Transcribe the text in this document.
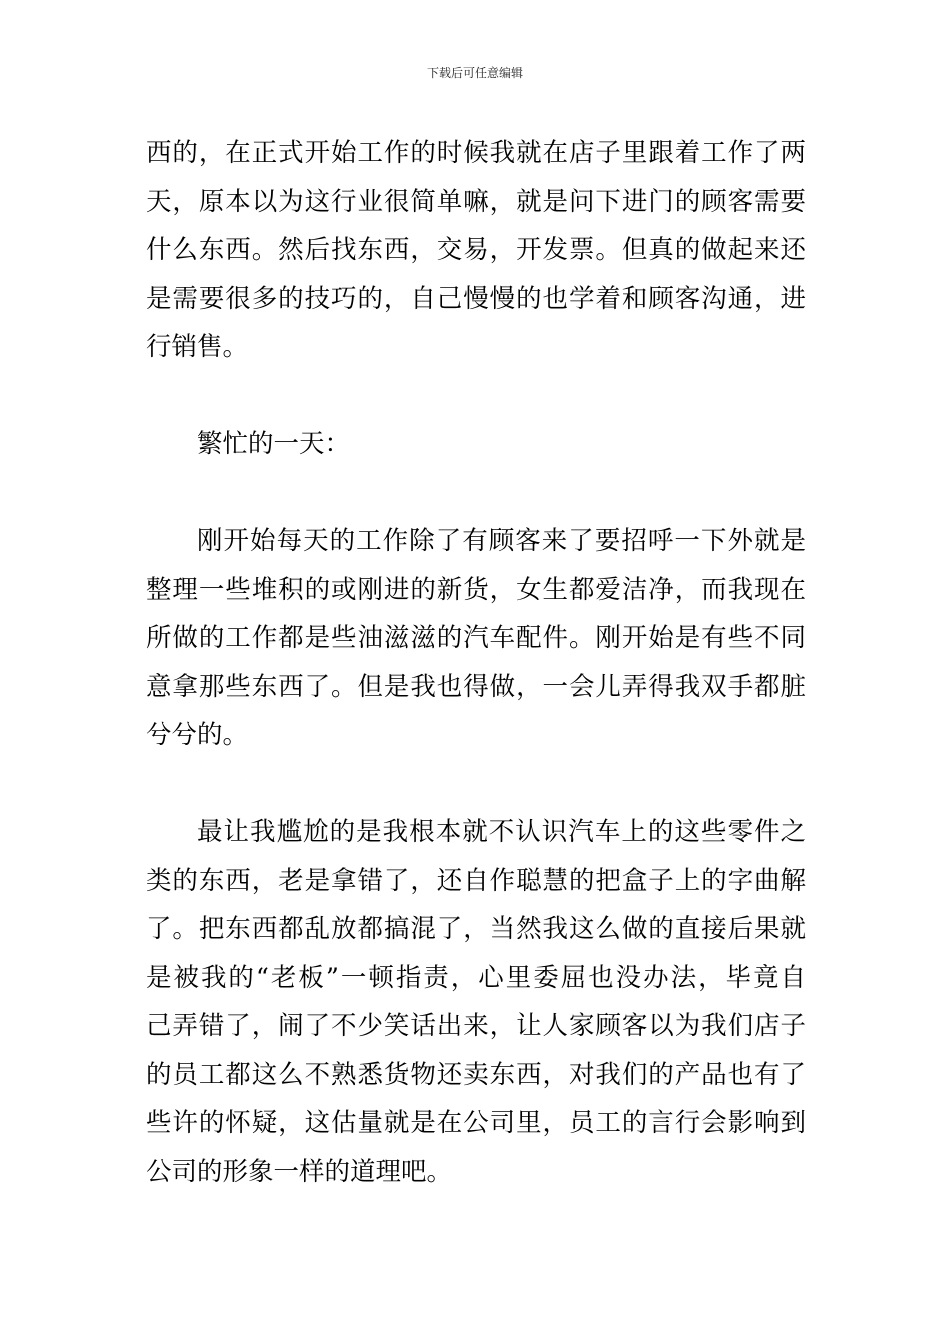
下载后可任意编辑
西的，在正式开始工作的时候我就在店子里跟着工作了两
天，原本以为这行业很简单嘛，就是问下进门的顾客需要
什么东西。然后找东西，交易，开发票。但真的做起来还
是需要很多的技巧的，自己慢慢的也学着和顾客沟通，进
行销售。
繁忙的一天：
刚开始每天的工作除了有顾客来了要招呼一下外就是
整理一些堆积的或刚进的新货，女生都爱洁净，而我现在
所做的工作都是些油滋滋的汽车配件。刚开始是有些不同
意拿那些东西了。但是我也得做，一会儿弄得我双手都脏
兮兮的。
最让我尴尬的是我根本就不认识汽车上的这些零件之
类的东西，老是拿错了，还自作聪慧的把盒子上的字曲解
了。把东西都乱放都搞混了，当然我这么做的直接后果就
是被我的“老板”一顿指责，心里委屈也没办法，毕竟自
己弄错了，闹了不少笑话出来，让人家顾客以为我们店子
的员工都这么不熟悉货物还卖东西，对我们的产品也有了
些许的怀疑，这估量就是在公司里，员工的言行会影响到
公司的形象一样的道理吧。
